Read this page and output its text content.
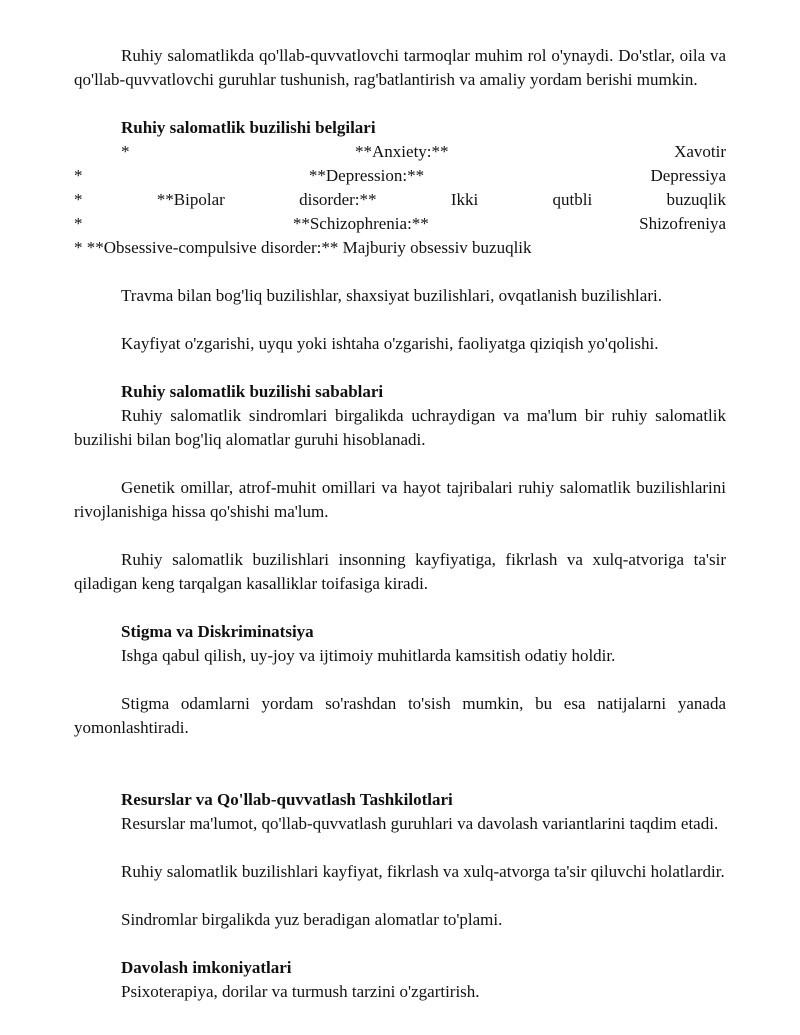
Ruhiy salomatlikda qo'llab-quvvatlovchi tarmoqlar muhim rol o'ynaydi. Do'stlar, oila va qo'llab-quvvatlovchi guruhlar tushunish, rag'batlantirish va amaliy yordam berishi mumkin.

Ruhiy salomatlik buzilishi belgilari
*	**Anxiety:**	Xavotir
*	**Depression:**	Depressiya
*	**Bipolar	disorder:**	Ikki	qutbli	buzuqlik
*	**Schizophrenia:**	Shizofreniya

* **Obsessive-compulsive disorder:** Majburiy obsessiv buzuqlik

Travma bilan bog'liq buzilishlar, shaxsiyat buzilishlari, ovqatlanish buzilishlari.

Kayfiyat o'zgarishi, uyqu yoki ishtaha o'zgarishi, faoliyatga qiziqish yo'qolishi.

Ruhiy salomatlik buzilishi sabablari

Ruhiy salomatlik sindromlari birgalikda uchraydigan va ma'lum bir ruhiy salomatlik buzilishi bilan bog'liq alomatlar guruhi hisoblanadi.

Genetik omillar, atrof-muhit omillari va hayot tajribalari ruhiy salomatlik buzilishlarini rivojlanishiga hissa qo'shishi ma'lum.

Ruhiy salomatlik buzilishlari insonning kayfiyatiga, fikrlash va xulq-atvoriga ta'sir qiladigan keng tarqalgan kasalliklar toifasiga kiradi.

Stigma va Diskriminatsiya

Ishga qabul qilish, uy-joy va ijtimoiy muhitlarda kamsitish odatiy holdir.

Stigma odamlarni yordam so'rashdan to'sish mumkin, bu esa natijalarni yanada yomonlashtiradi.

Resurslar va Qo'llab-quvvatlash Tashkilotlari

Resurslar ma'lumot, qo'llab-quvvatlash guruhlari va davolash variantlarini taqdim etadi.

Ruhiy salomatlik buzilishlari kayfiyat, fikrlash va xulq-atvorga ta'sir qiluvchi holatlardir.

Sindromlar birgalikda yuz beradigan alomatlar to'plami.

Davolash imkoniyatlari

Psixoterapiya, dorilar va turmush tarzini o'zgartirish.
